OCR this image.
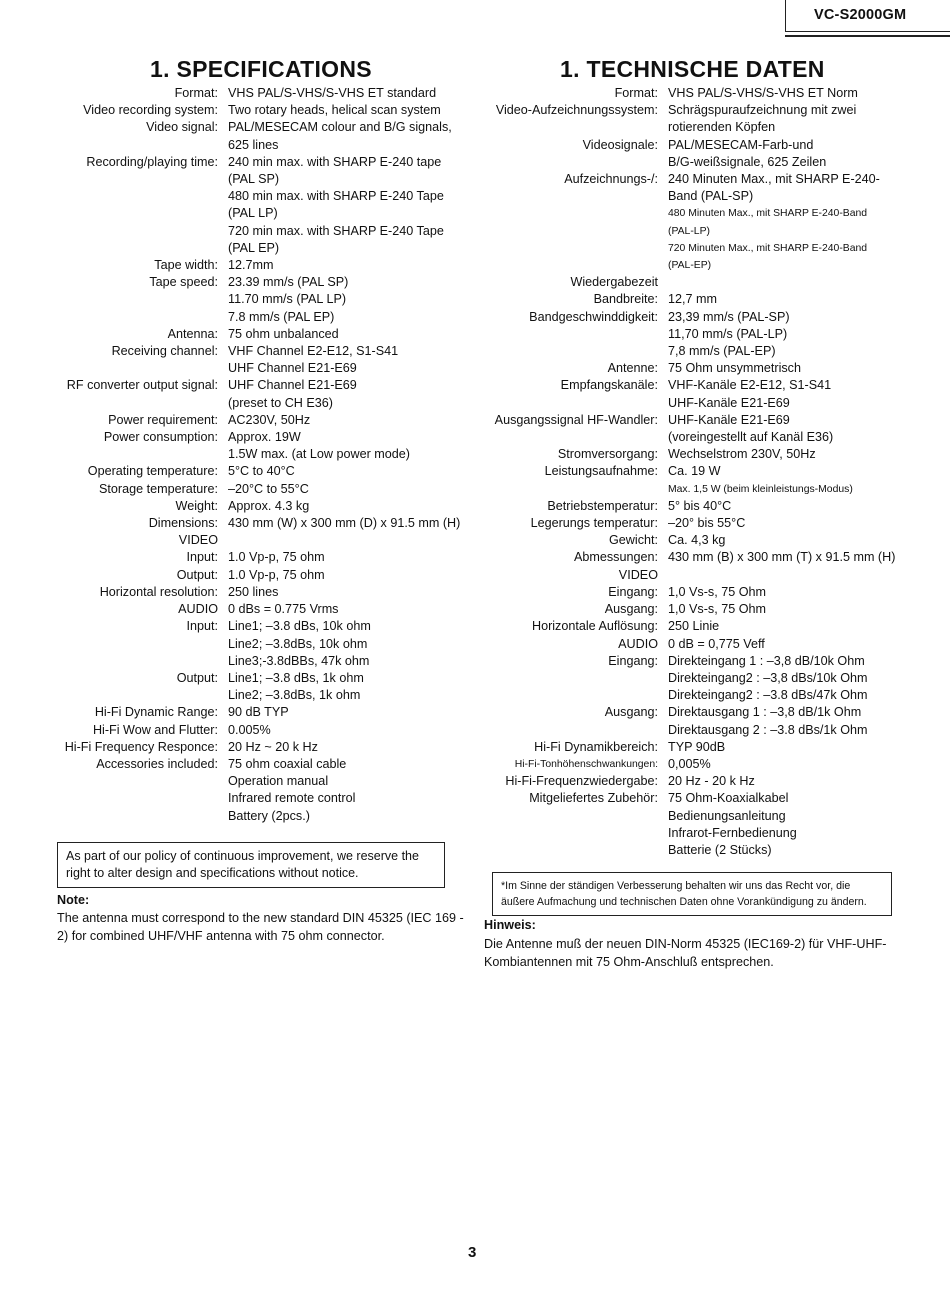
VC-S2000GM
1. SPECIFICATIONS
Format: VHS PAL/S-VHS/S-VHS ET standard
Video recording system: Two rotary heads, helical scan system
Video signal: PAL/MESECAM colour and B/G signals,
625 lines
Recording/playing time: 240 min max. with SHARP E-240 tape
(PAL SP)
480 min max. with SHARP E-240 Tape
(PAL LP)
720 min max. with SHARP E-240 Tape
(PAL EP)
Tape width: 12.7mm
Tape speed: 23.39 mm/s (PAL SP)
11.70 mm/s (PAL LP)
7.8 mm/s (PAL EP)
Antenna: 75 ohm unbalanced
Receiving channel: VHF Channel E2-E12, S1-S41
UHF Channel E21-E69
RF converter output signal: UHF Channel E21-E69
(preset to CH E36)
Power requirement: AC230V, 50Hz
Power consumption: Approx. 19W
1.5W max. (at Low power mode)
Operating temperature: 5°C to 40°C
Storage temperature: –20°C to 55°C
Weight: Approx. 4.3 kg
Dimensions: 430 mm (W) x 300 mm (D) x 91.5 mm (H)
VIDEO
Input: 1.0 Vp-p, 75 ohm
Output: 1.0 Vp-p, 75 ohm
Horizontal resolution: 250 lines
AUDIO 0 dBs = 0.775 Vrms
Input: Line1; –3.8 dBs, 10k ohm
Line2; –3.8dBs, 10k ohm
Line3;-3.8dBBs, 47k ohm
Output: Line1; –3.8 dBs, 1k ohm
Line2; –3.8dBs, 1k ohm
Hi-Fi Dynamic Range: 90 dB TYP
Hi-Fi Wow and Flutter: 0.005%
Hi-Fi Frequency Responce: 20 Hz ~ 20 k Hz
Accessories included: 75 ohm coaxial cable
Operation manual
Infrared remote control
Battery (2pcs.)
As part of our policy of continuous improvement, we reserve the right to alter design and specifications without notice.
Note:
The antenna must correspond to the new standard DIN 45325 (IEC 169 - 2) for combined UHF/VHF antenna with 75 ohm connector.
1. TECHNISCHE DATEN
Format: VHS PAL/S-VHS/S-VHS ET Norm
Video-Aufzeichnungssystem: Schrägspuraufzeichnung mit zwei
rotierenden Köpfen
Videosignale: PAL/MESECAM-Farb-und
B/G-weißsignale, 625 Zeilen
Aufzeichnungs-/: 240 Minuten Max., mit SHARP E-240-
Band (PAL-SP)
480 Minuten Max., mit SHARP E-240-Band
(PAL-LP)
720 Minuten Max., mit SHARP E-240-Band
(PAL-EP)
Wiedergabezeit
Bandbreite: 12,7 mm
Bandgeschwinddigkeit: 23,39 mm/s (PAL-SP)
11,70 mm/s (PAL-LP)
7,8 mm/s (PAL-EP)
Antenne: 75 Ohm unsymmetrisch
Empfangskanäle: VHF-Kanäle E2-E12, S1-S41
UHF-Kanäle E21-E69
Ausgangssignal HF-Wandler: UHF-Kanäle E21-E69
(voreingestellt auf Kanäl E36)
Stromversorgang: Wechselstrom 230V, 50Hz
Leistungsaufnahme: Ca. 19 W
Max. 1,5 W (beim kleinleistungs-Modus)
Betriebstemperatur: 5° bis 40°C
Legerungs temperatur: –20° bis 55°C
Gewicht: Ca. 4,3 kg
Abmessungen: 430 mm (B) x 300 mm (T) x 91.5 mm (H)
VIDEO
Eingang: 1,0 Vs-s, 75 Ohm
Ausgang: 1,0 Vs-s, 75 Ohm
Horizontale Auflösung: 250 Linie
AUDIO 0 dB = 0,775 Veff
Eingang: Direkteingang 1 : –3,8 dB/10k Ohm
Direkteingang2 : –3,8 dBs/10k Ohm
Direkteingang2 : –3.8 dBs/47k Ohm
Ausgang: Direktausgang 1 : –3,8 dB/1k Ohm
Direktausgang 2 : –3.8 dBs/1k Ohm
Hi-Fi Dynamikbereich: TYP 90dB
Hi-Fi-Tonhöhenschwankungen: 0,005%
Hi-Fi-Frequenzwiedergabe: 20 Hz - 20 k Hz
Mitgeliefertes Zubehör: 75 Ohm-Koaxialkabel
Bedienungsanleitung
Infrarot-Fernbedienung
Batterie (2 Stücks)
*Im Sinne der ständigen Verbesserung behalten wir uns das Recht vor, die äußere Aufmachung und technischen Daten ohne Vorankündigung zu ändern.
Hinweis:
Die Antenne muß der neuen DIN-Norm 45325 (IEC169-2) für VHF-UHF-Kombiantennen mit 75 Ohm-Anschluß entsprechen.
3
